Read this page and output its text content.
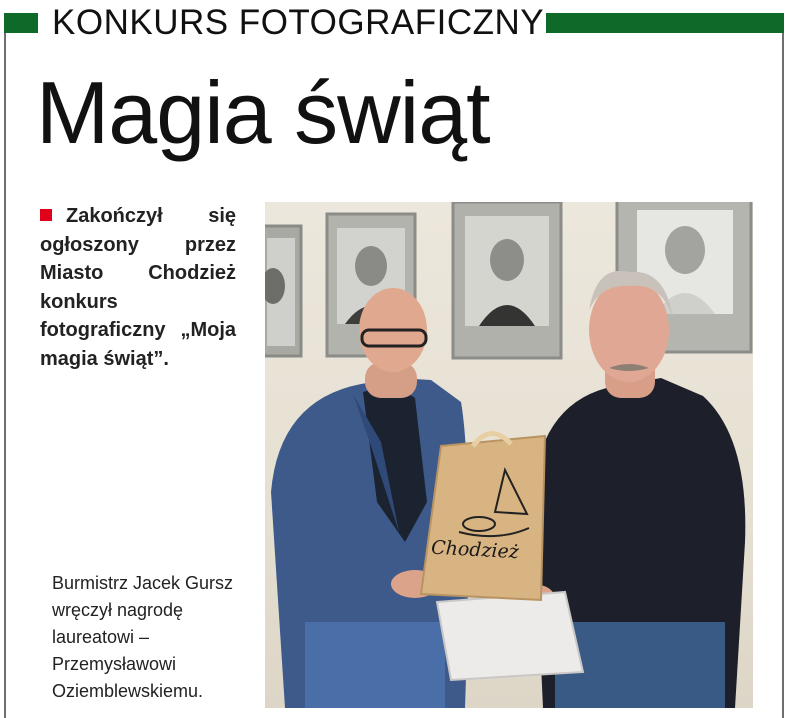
KONKURS FOTOGRAFICZNY
Magia świąt
Zakończył się ogłoszony przez Miasto Chodzież konkurs fotograficzny „Moja magia świąt”.
Burmistrz Jacek Gursz wręczył nagrodę laureatowi – Przemysławowi Oziemblewskiemu.
Chodzież
